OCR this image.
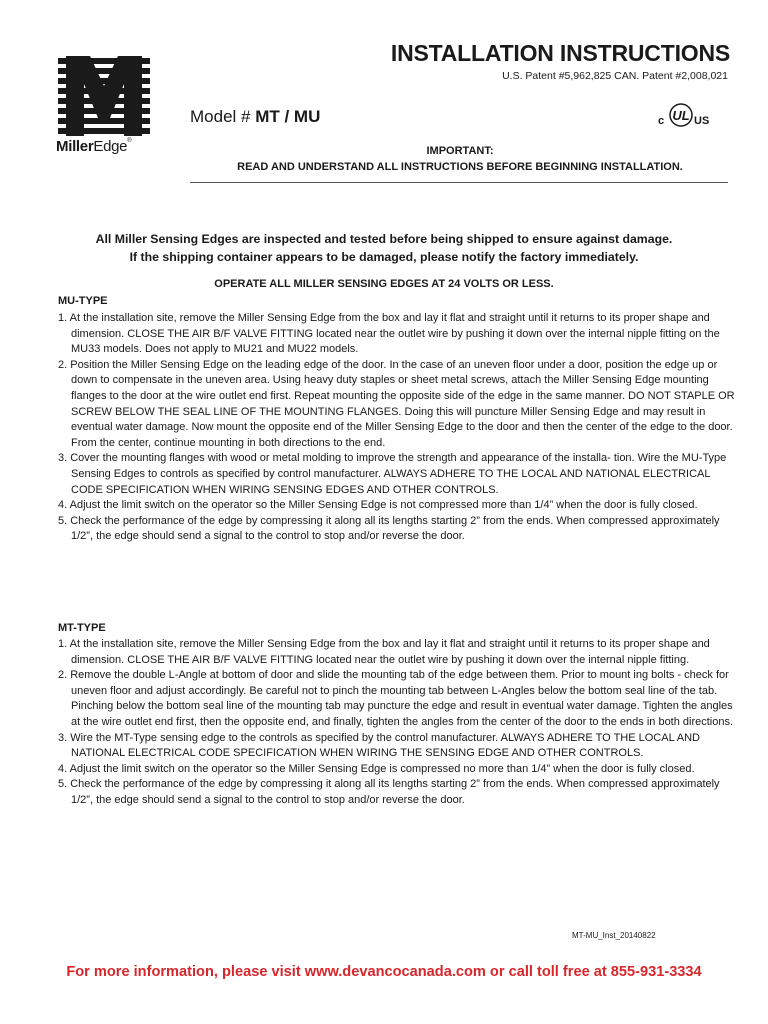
MillerEdge®
INSTALLATION INSTRUCTIONS
U.S. Patent #5,962,825 CAN. Patent #2,008,021
Model # MT / MU	c UL US
IMPORTANT:
READ AND UNDERSTAND ALL INSTRUCTIONS BEFORE BEGINNING INSTALLATION.
All Miller Sensing Edges are inspected and tested before being shipped to ensure against damage.
If the shipping container appears to be damaged, please notify the factory immediately.
OPERATE ALL MILLER SENSING EDGES AT 24 VOLTS OR LESS.
MU-TYPE
1. At the installation site, remove the Miller Sensing Edge from the box and lay it flat and straight until it returns to its proper shape and dimension. CLOSE THE AIR B/F VALVE FITTING located near the outlet wire by pushing it down over the internal nipple fitting on the MU33 models. Does not apply to MU21 and MU22 models.
2. Position the Miller Sensing Edge on the leading edge of the door. In the case of an uneven floor under a door, position the edge up or down to compensate in the uneven area. Using heavy duty staples or sheet metal screws, attach the Miller Sensing Edge mounting flanges to the door at the wire outlet end first. Repeat mounting the opposite side of the edge in the same manner. DO NOT STAPLE OR SCREW BELOW THE SEAL LINE OF THE MOUNTING FLANGES. Doing this will puncture Miller Sensing Edge and may result in eventual water damage. Now mount the opposite end of the Miller Sensing Edge to the door and then the center of the edge to the door. From the center, continue mounting in both directions to the end.
3. Cover the mounting flanges with wood or metal molding to improve the strength and appearance of the installa- tion. Wire the MU-Type Sensing Edges to controls as specified by control manufacturer. ALWAYS ADHERE TO THE LOCAL AND NATIONAL ELECTRICAL CODE SPECIFICATION WHEN WIRING SENSING EDGES AND OTHER CONTROLS.
4. Adjust the limit switch on the operator so the Miller Sensing Edge is not compressed more than 1/4” when the door is fully closed.
5. Check the performance of the edge by compressing it along all its lengths starting 2” from the ends. When compressed approximately 1/2”, the edge should send a signal to the control to stop and/or reverse the door.
MT-TYPE
1. At the installation site, remove the Miller Sensing Edge from the box and lay it flat and straight until it returns to its proper shape and dimension. CLOSE THE AIR B/F VALVE FITTING located near the outlet wire by pushing it down over the internal nipple fitting.
2. Remove the double L-Angle at bottom of door and slide the mounting tab of the edge between them. Prior to mount ing bolts - check for uneven floor and adjust accordingly. Be careful not to pinch the mounting tab between L-Angles below the bottom seal line of the tab. Pinching below the bottom seal line of the mounting tab may puncture the edge and result in eventual water damage. Tighten the angles at the wire outlet end first, then the opposite end, and finally, tighten the angles from the center of the door to the ends in both directions.
3. Wire the MT-Type sensing edge to the controls as specified by the control manufacturer. ALWAYS ADHERE TO THE LOCAL AND NATIONAL ELECTRICAL CODE SPECIFICATION WHEN WIRING THE SENSING EDGE AND OTHER CONTROLS.
4. Adjust the limit switch on the operator so the Miller Sensing Edge is compressed no more than 1/4” when the door is fully closed.
5. Check the performance of the edge by compressing it along all its lengths starting 2” from the ends. When compressed approximately 1/2”, the edge should send a signal to the control to stop and/or reverse the door.
MT-MU_Inst_20140822
For more information, please visit www.devancocanada.com or call toll free at 855-931-3334
